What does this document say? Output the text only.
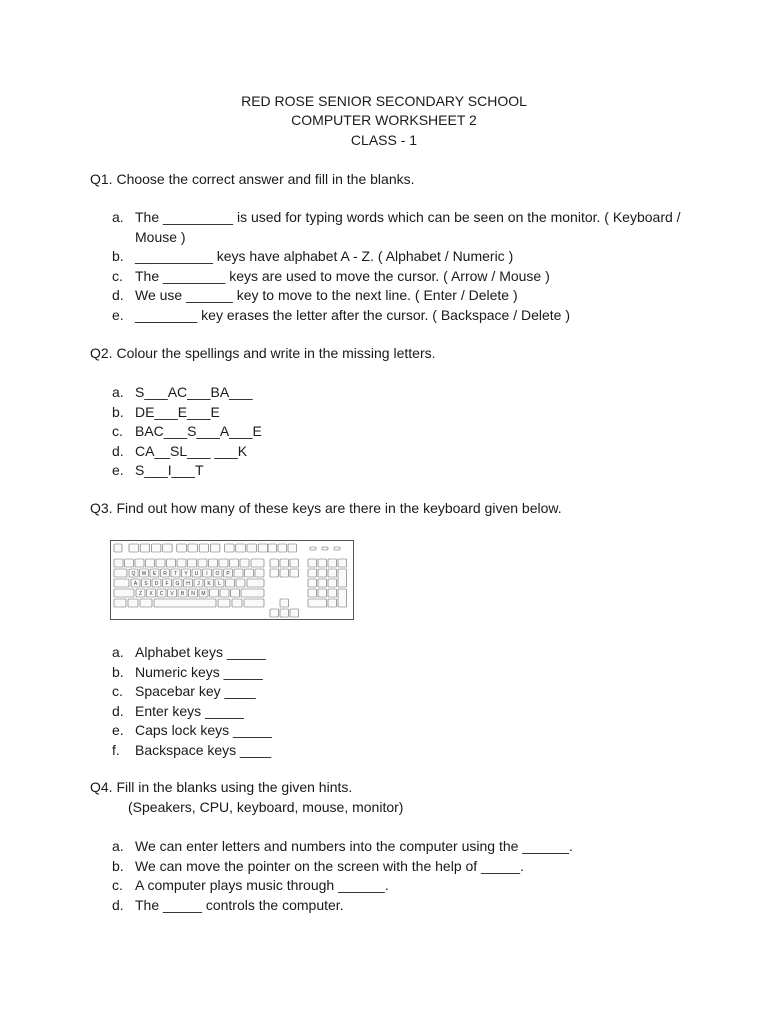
RED ROSE SENIOR SECONDARY SCHOOL
COMPUTER WORKSHEET 2
CLASS - 1
Q1. Choose the correct answer and fill in the blanks.
a. The _________ is used for typing words which can be seen on the monitor. ( Keyboard / Mouse )
b. __________ keys have alphabet A - Z. ( Alphabet / Numeric )
c. The ________ keys are used to move the cursor. ( Arrow / Mouse )
d. We use ______ key to move to the next line. ( Enter / Delete )
e. ________ key erases the letter after the cursor. ( Backspace / Delete )
Q2. Colour the spellings and write in the missing letters.
a. S___AC___BA___
b. DE___E___E
c. BAC___S___A___E
d. CA__SL___ ___K
e. S___I___T
Q3. Find out how many of these keys are there in the keyboard given below.
Q W E R T Y U I O P
A S D F G H J K L
Z X C V B N M
a. Alphabet keys _____
b. Numeric keys _____
c. Spacebar key ____
d. Enter keys _____
e. Caps lock keys _____
f.	Backspace keys ____
Q4. Fill in the blanks using the given hints.
(Speakers, CPU, keyboard, mouse, monitor)
a. We can enter letters and numbers into the computer using the ______.
b. We can move the pointer on the screen with the help of _____.
c. A computer plays music through ______.
d. The _____ controls the computer.
